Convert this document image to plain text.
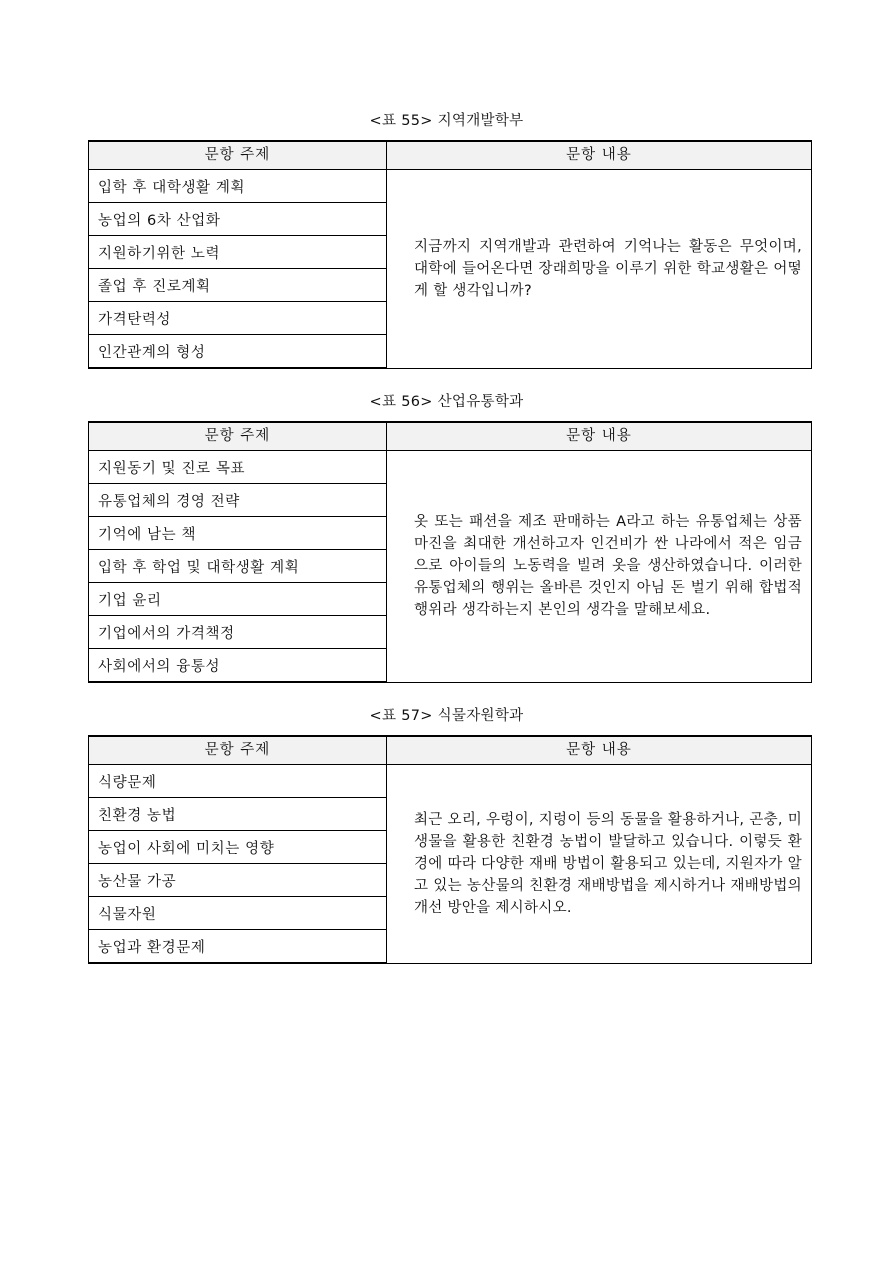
<표 55> 지역개발학부
문항 주제	문항 내용
입학 후 대학생활 계획	지금까지 지역개발과 관련하여 기억나는 활동은 무엇이며, 대학에 들어온다면 장래희망을 이루기 위한 학교생활은 어떻게 할 생각입니까?
농업의 6차 산업화	
지원하기위한 노력	
졸업 후 진로계획	
가격탄력성	
인간관계의 형성	
<표 56> 산업유통학과
문항 주제	문항 내용
지원동기 및 진로 목표	옷 또는 패션을 제조 판매하는 A라고 하는 유통업체는 상품마진을 최대한 개선하고자 인건비가 싼 나라에서 적은 임금으로 아이들의 노동력을 빌려 옷을 생산하였습니다. 이러한 유통업체의 행위는 올바른 것인지 아님 돈 벌기 위해 합법적 행위라 생각하는지 본인의 생각을 말해보세요.
유통업체의 경영 전략	
기억에 남는 책	
입학 후 학업 및 대학생활 계획	
기업 윤리	
기업에서의 가격책정	
사회에서의 융통성	
<표 57> 식물자원학과
문항 주제	문항 내용
식량문제	최근 오리, 우렁이, 지렁이 등의 동물을 활용하거나, 곤충, 미생물을 활용한 친환경 농법이 발달하고 있습니다. 이렇듯 환경에 따라 다양한 재배 방법이 활용되고 있는데, 지원자가 알고 있는 농산물의 친환경 재배방법을 제시하거나 재배방법의 개선 방안을 제시하시오.
친환경 농법	
농업이 사회에 미치는 영향	
농산물 가공	
식물자원	
농업과 환경문제	
